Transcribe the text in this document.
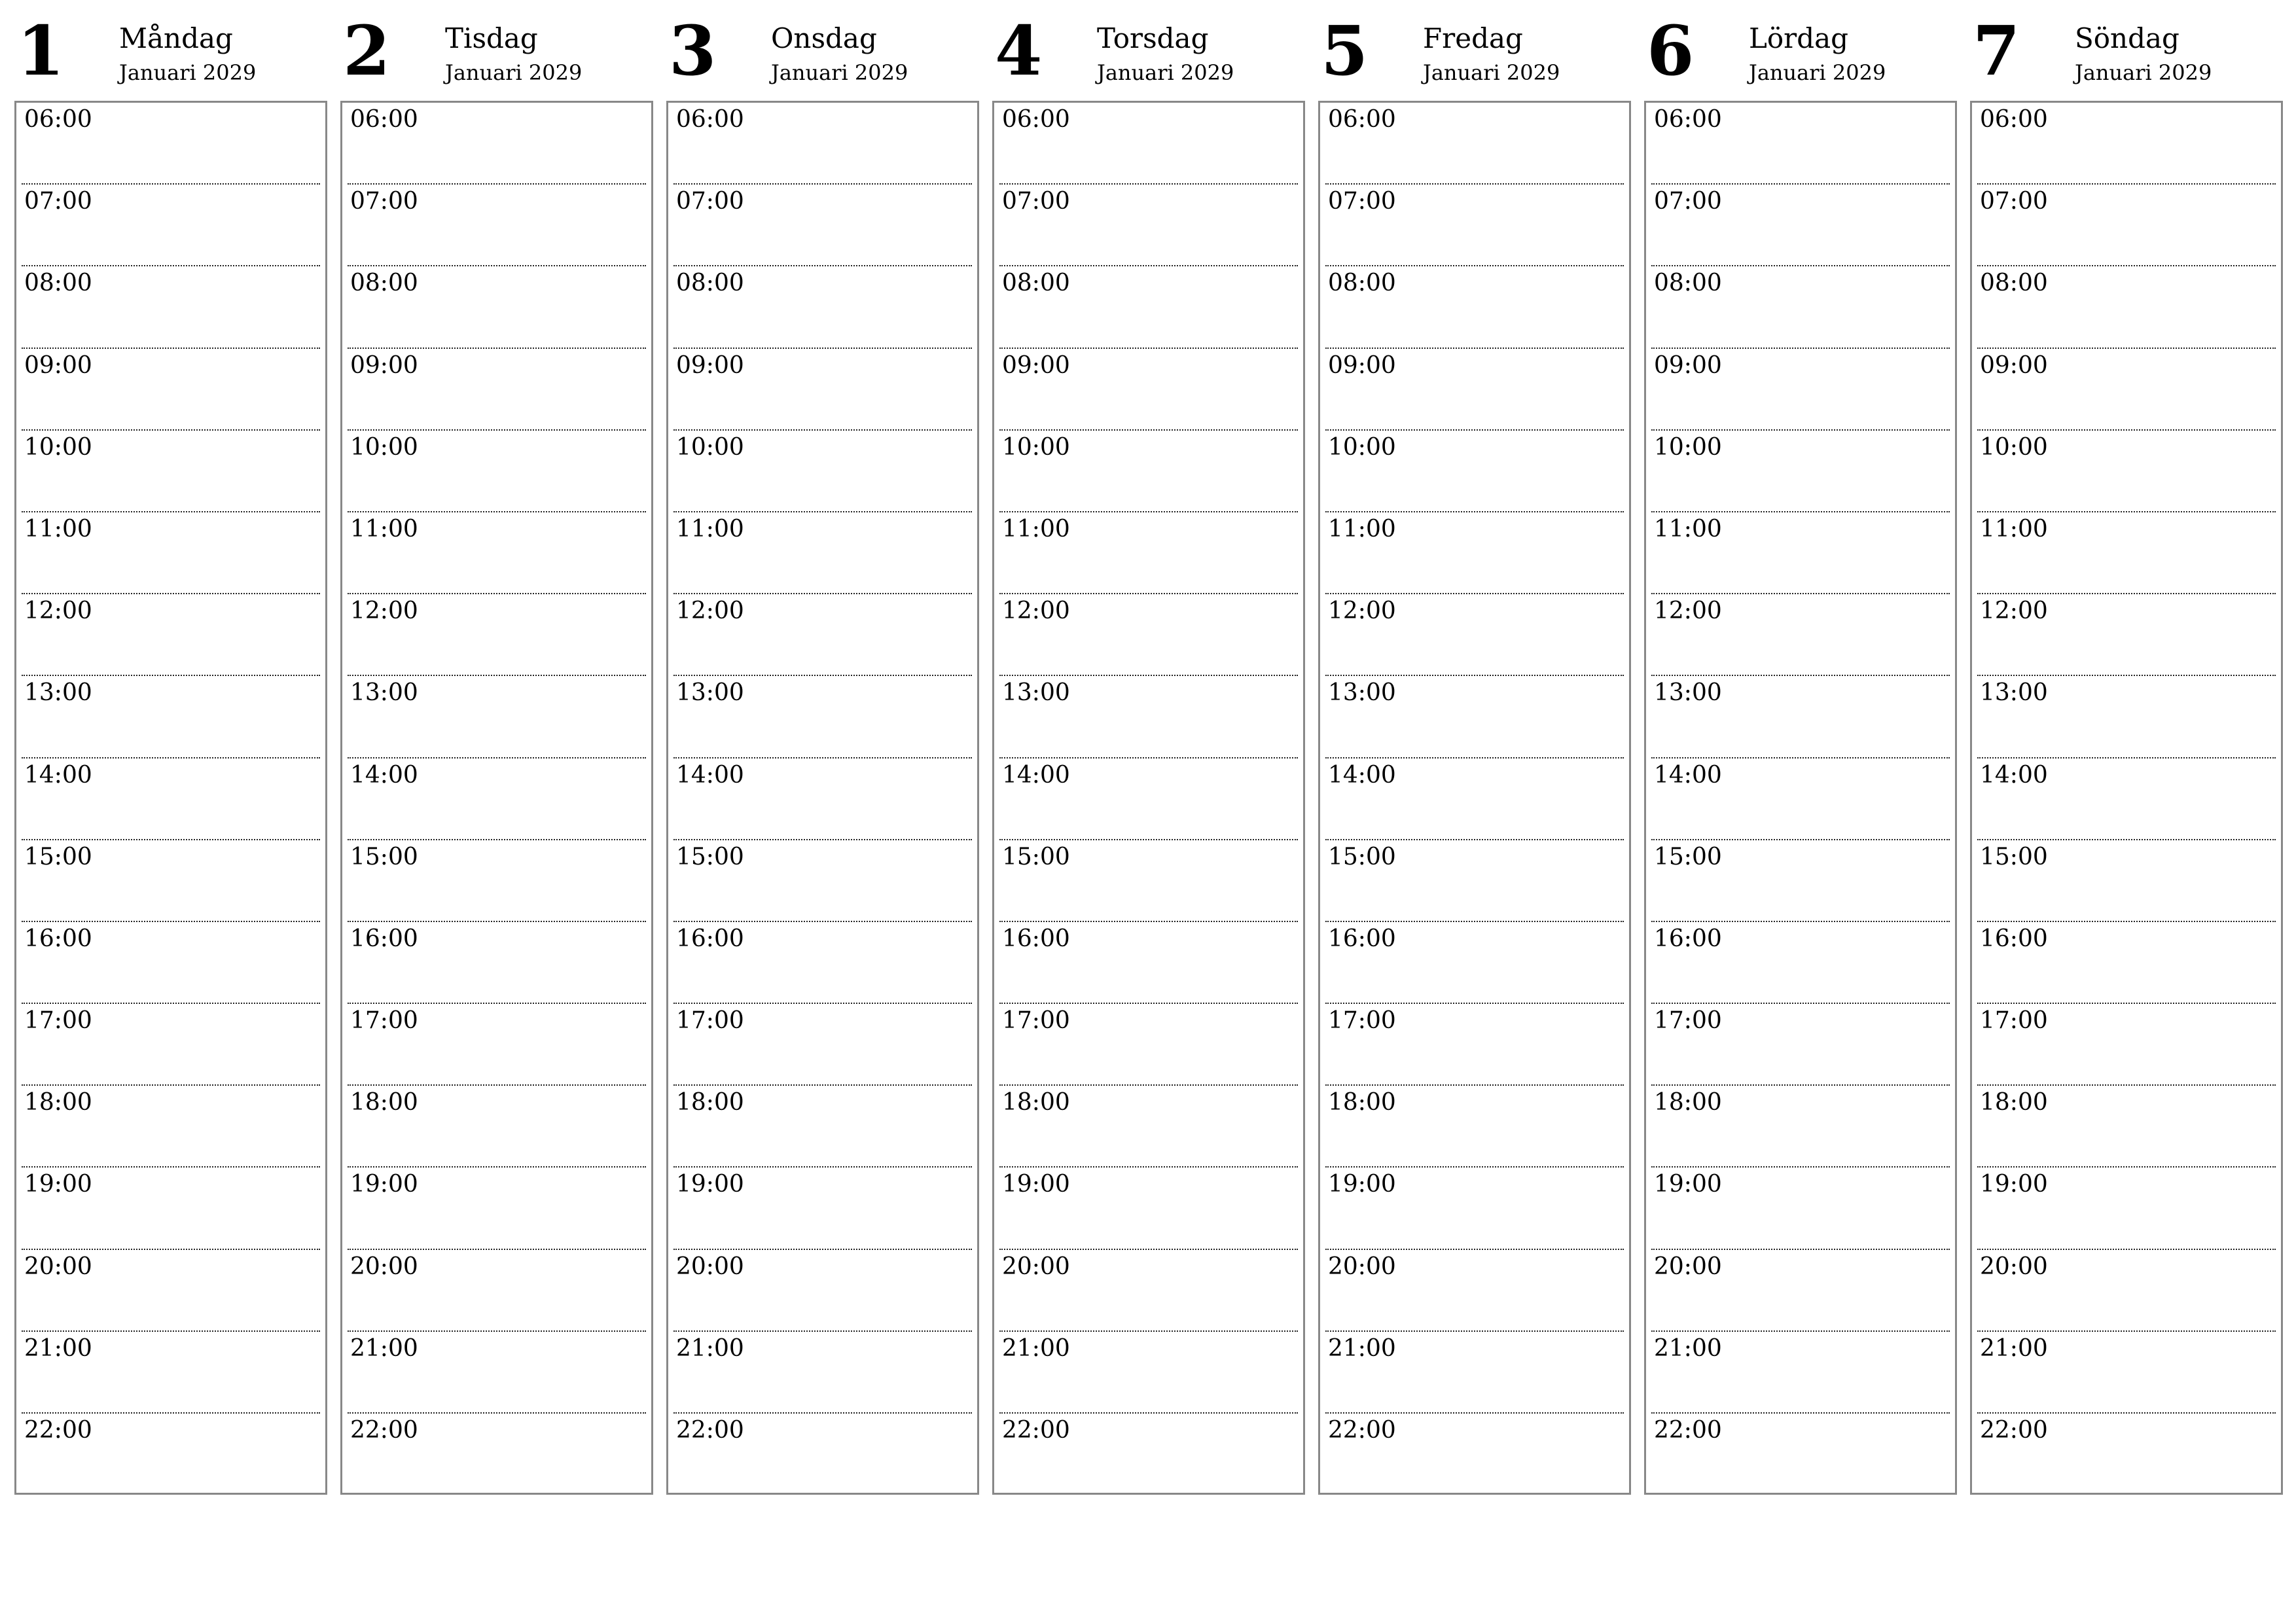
1 Måndag
Januari 2029
06:00
07:00
08:00
09:00
10:00
11:00
12:00
13:00
14:00
15:00
16:00
17:00
18:00
19:00
20:00
21:00
22:00
2 Tisdag
Januari 2029
06:00
07:00
08:00
09:00
10:00
11:00
12:00
13:00
14:00
15:00
16:00
17:00
18:00
19:00
20:00
21:00
22:00
3 Onsdag
Januari 2029
06:00
07:00
08:00
09:00
10:00
11:00
12:00
13:00
14:00
15:00
16:00
17:00
18:00
19:00
20:00
21:00
22:00
4 Torsdag
Januari 2029
06:00
07:00
08:00
09:00
10:00
11:00
12:00
13:00
14:00
15:00
16:00
17:00
18:00
19:00
20:00
21:00
22:00
5 Fredag
Januari 2029
06:00
07:00
08:00
09:00
10:00
11:00
12:00
13:00
14:00
15:00
16:00
17:00
18:00
19:00
20:00
21:00
22:00
6 Lördag
Januari 2029
06:00
07:00
08:00
09:00
10:00
11:00
12:00
13:00
14:00
15:00
16:00
17:00
18:00
19:00
20:00
21:00
22:00
7 Söndag
Januari 2029
06:00
07:00
08:00
09:00
10:00
11:00
12:00
13:00
14:00
15:00
16:00
17:00
18:00
19:00
20:00
21:00
22:00
